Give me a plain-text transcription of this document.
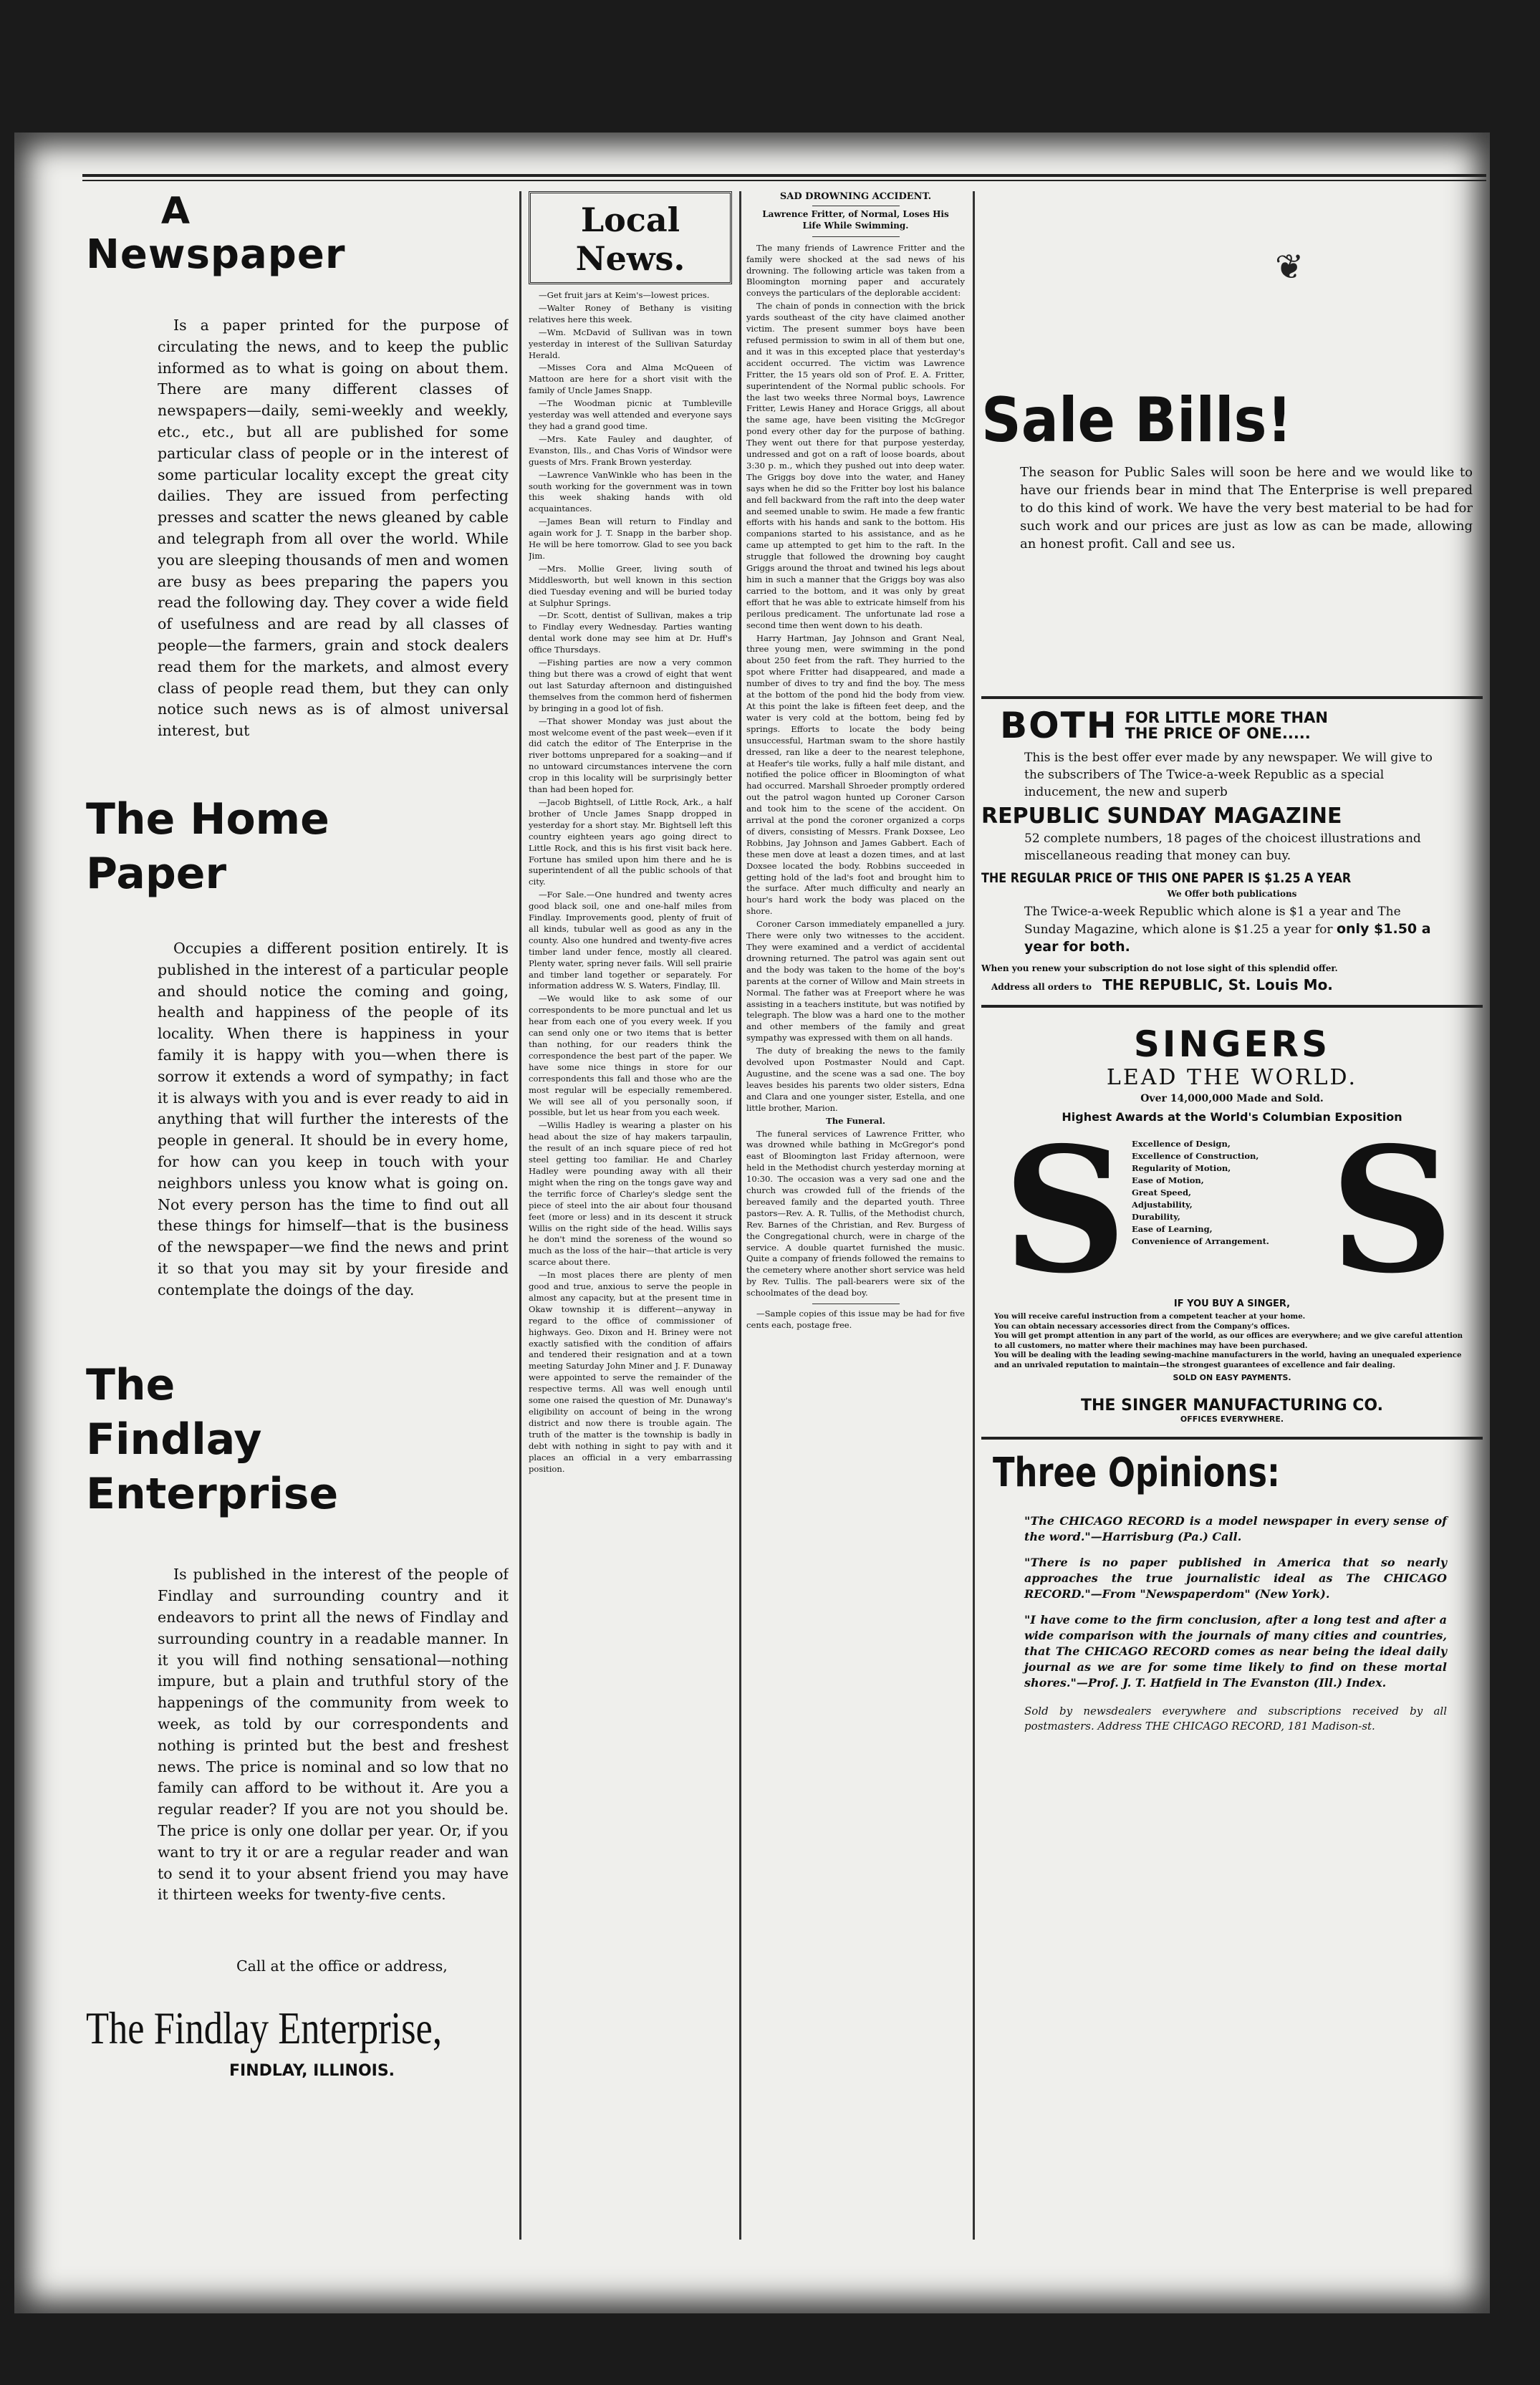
❦
A
Newspaper

Is a paper printed for the purpose of circulating the news, and to keep the public informed as to what is going on about them. There are many different classes of newspapers—daily, semi-weekly and weekly, etc., etc., but all are published for some particular class of people or in the interest of some particular locality except the great city dailies. They are issued from perfecting presses and scatter the news gleaned by cable and telegraph from all over the world. While you are sleeping thousands of men and women are busy as bees preparing the papers you read the following day. They cover a wide field of usefulness and are read by all classes of people—the farmers, grain and stock dealers read them for the markets, and almost every class of people read them, but they can only notice such news as is of almost universal interest, but

The Home
Paper

Occupies a different position entirely. It is published in the interest of a particular people and should notice the coming and going, health and happiness of the people of its locality. When there is happiness in your family it is happy with you—when there is sorrow it extends a word of sympathy; in fact it is always with you and is ever ready to aid in anything that will further the interests of the people in general. It should be in every home, for how can you keep in touch with your neighbors unless you know what is going on. Not every person has the time to find out all these things for himself—that is the business of the newspaper—we find the news and print it so that you may sit by your fireside and contemplate the doings of the day.

The
Findlay
Enterprise

Is published in the interest of the people of Findlay and surrounding country and it endeavors to print all the news of Findlay and surrounding country in a readable manner. In it you will find nothing sensational—nothing impure, but a plain and truthful story of the happenings of the community from week to week, as told by our correspondents and nothing is printed but the best and freshest news. The price is nominal and so low that no family can afford to be without it. Are you a regular reader? If you are not you should be. The price is only one dollar per year. Or, if you want to try it or are a regular reader and wan to send it to your absent friend you may have it thirteen weeks for twenty-five cents.

Call at the office or address,

The Findlay Enterprise,
FINDLAY, ILLINOIS.
Local News.

—Get fruit jars at Keim's—lowest prices.

—Walter Roney of Bethany is visiting relatives here this week.

—Wm. McDavid of Sullivan was in town yesterday in interest of the Sullivan Saturday Herald.

—Misses Cora and Alma McQueen of Mattoon are here for a short visit with the family of Uncle James Snapp.

—The Woodman picnic at Tumbleville yesterday was well attended and everyone says they had a grand good time.

—Mrs. Kate Fauley and daughter, of Evanston, Ills., and Chas Voris of Windsor were guests of Mrs. Frank Brown yesterday.

—Lawrence VanWinkle who has been in the south working for the government was in town this week shaking hands with old acquaintances.

—James Bean will return to Findlay and again work for J. T. Snapp in the barber shop. He will be here tomorrow. Glad to see you back Jim.

—Mrs. Mollie Greer, living south of Middlesworth, but well known in this section died Tuesday evening and will be buried today at Sulphur Springs.

—Dr. Scott, dentist of Sullivan, makes a trip to Findlay every Wednesday. Parties wanting dental work done may see him at Dr. Huff's office Thursdays.

—Fishing parties are now a very common thing but there was a crowd of eight that went out last Saturday afternoon and distinguished themselves from the common herd of fishermen by bringing in a good lot of fish.

—That shower Monday was just about the most welcome event of the past week—even if it did catch the editor of The Enterprise in the river bottoms unprepared for a soaking—and if no untoward circumstances intervene the corn crop in this locality will be surprisingly better than had been hoped for.

—Jacob Bightsell, of Little Rock, Ark., a half brother of Uncle James Snapp dropped in yesterday for a short stay. Mr. Bightsell left this country eighteen years ago going direct to Little Rock, and this is his first visit back here. Fortune has smiled upon him there and he is superintendent of all the public schools of that city.

—For Sale.—One hundred and twenty acres good black soil, one and one-half miles from Findlay. Improvements good, plenty of fruit of all kinds, tubular well as good as any in the county. Also one hundred and twenty-five acres timber land under fence, mostly all cleared. Plenty water, spring never fails. Will sell prairie and timber land together or separately. For information address W. S. Waters, Findlay, Ill.

—We would like to ask some of our correspondents to be more punctual and let us hear from each one of you every week. If you can send only one or two items that is better than nothing, for our readers think the correspondence the best part of the paper. We have some nice things in store for our correspondents this fall and those who are the most regular will be especially remembered. We will see all of you personally soon, if possible, but let us hear from you each week.

—Willis Hadley is wearing a plaster on his head about the size of hay makers tarpaulin, the result of an inch square piece of red hot steel getting too familiar. He and Charley Hadley were pounding away with all their might when the ring on the tongs gave way and the terrific force of Charley's sledge sent the piece of steel into the air about four thousand feet (more or less) and in its descent it struck Willis on the right side of the head. Willis says he don't mind the soreness of the wound so much as the loss of the hair—that article is very scarce about there.

—In most places there are plenty of men good and true, anxious to serve the people in almost any capacity, but at the present time in Okaw township it is different—anyway in regard to the office of commissioner of highways. Geo. Dixon and H. Briney were not exactly satisfied with the condition of affairs and tendered their resignation and at a town meeting Saturday John Miner and J. F. Dunaway were appointed to serve the remainder of the respective terms. All was well enough until some one raised the question of Mr. Dunaway's eligibility on account of being in the wrong district and now there is trouble again. The truth of the matter is the township is badly in debt with nothing in sight to pay with and it places an official in a very embarrassing position.

SAD DROWNING ACCIDENT.

Lawrence Fritter, of Normal, Loses His Life While Swimming.

The many friends of Lawrence Fritter and the family were shocked at the sad news of his drowning. The following article was taken from a Bloomington morning paper and accurately conveys the particulars of the deplorable accident:

The chain of ponds in connection with the brick yards southeast of the city have claimed another victim. The present summer boys have been refused permission to swim in all of them but one, and it was in this excepted place that yesterday's accident occurred. The victim was Lawrence Fritter, the 15 years old son of Prof. E. A. Fritter, superintendent of the Normal public schools. For the last two weeks three Normal boys, Lawrence Fritter, Lewis Haney and Horace Griggs, all about the same age, have been visiting the McGregor pond every other day for the purpose of bathing. They went out there for that purpose yesterday, undressed and got on a raft of loose boards, about 3:30 p. m., which they pushed out into deep water. The Griggs boy dove into the water, and Haney says when he did so the Fritter boy lost his balance and fell backward from the raft into the deep water and seemed unable to swim. He made a few frantic efforts with his hands and sank to the bottom. His companions started to his assistance, and as he came up attempted to get him to the raft. In the struggle that followed the drowning boy caught Griggs around the throat and twined his legs about him in such a manner that the Griggs boy was also carried to the bottom, and it was only by great effort that he was able to extricate himself from his perilous predicament. The unfortunate lad rose a second time then went down to his death.

Harry Hartman, Jay Johnson and Grant Neal, three young men, were swimming in the pond about 250 feet from the raft. They hurried to the spot where Fritter had disappeared, and made a number of dives to try and find the boy. The mess at the bottom of the pond hid the body from view. At this point the lake is fifteen feet deep, and the water is very cold at the bottom, being fed by springs. Efforts to locate the body being unsuccessful, Hartman swam to the shore hastily dressed, ran like a deer to the nearest telephone, at Heafer's tile works, fully a half mile distant, and notified the police officer in Bloomington of what had occurred. Marshall Shroeder promptly ordered out the patrol wagon hunted up Coroner Carson and took him to the scene of the accident. On arrival at the pond the coroner organized a corps of divers, consisting of Messrs. Frank Doxsee, Leo Robbins, Jay Johnson and James Gabbert. Each of these men dove at least a dozen times, and at last Doxsee located the body. Robbins succeeded in getting hold of the lad's foot and brought him to the surface. After much difficulty and nearly an hour's hard work the body was placed on the shore.

Coroner Carson immediately empanelled a jury. There were only two witnesses to the accident. They were examined and a verdict of accidental drowning returned. The patrol was again sent out and the body was taken to the home of the boy's parents at the corner of Willow and Main streets in Normal. The father was at Freeport where he was assisting in a teachers institute, but was notified by telegraph. The blow was a hard one to the mother and other members of the family and great sympathy was expressed with them on all hands.

The duty of breaking the news to the family devolved upon Postmaster Nould and Capt. Augustine, and the scene was a sad one. The boy leaves besides his parents two older sisters, Edna and Clara and one younger sister, Estella, and one little brother, Marion.

The Funeral.

The funeral services of Lawrence Fritter, who was drowned while bathing in McGregor's pond east of Bloomington last Friday afternoon, were held in the Methodist church yesterday morning at 10:30. The occasion was a very sad one and the church was crowded full of the friends of the bereaved family and the departed youth. Three pastors—Rev. A. R. Tullis, of the Methodist church, Rev. Barnes of the Christian, and Rev. Burgess of the Congregational church, were in charge of the service. A double quartet furnished the music. Quite a company of friends followed the remains to the cemetery where another short service was held by Rev. Tullis. The pall-bearers were six of the schoolmates of the dead boy.

—Sample copies of this issue may be had for five cents each, postage free.

Sale Bills!
The season for Public Sales will soon be here and we would like to have our friends bear in mind that The Enterprise is well prepared to do this kind of work. We have the very best material to be had for such work and our prices are just as low as can be made, allowing an honest profit. Call and see us.
BOTH FOR LITTLE MORE THAN
THE PRICE OF ONE.....
This is the best offer ever made by any newspaper. We will give to the subscribers of The Twice-a-week Republic as a special inducement, the new and superb
REPUBLIC SUNDAY MAGAZINE
52 complete numbers, 18 pages of the choicest illustrations and miscellaneous reading that money can buy.
THE REGULAR PRICE OF THIS ONE PAPER IS $1.25 A YEAR
We Offer both publications
The Twice-a-week Republic which alone is $1 a year and The Sunday Magazine, which alone is $1.25 a year for only $1.50 a year for both.
When you renew your subscription do not lose sight of this splendid offer.
Address all orders to THE REPUBLIC, St. Louis Mo.
SINGERS
LEAD THE WORLD.
Over 14,000,000 Made and Sold.
Highest Awards at the World's Columbian Exposition
S S
Excellence of Design,
Excellence of Construction,
Regularity of Motion,
Ease of Motion,
Great Speed,
Adjustability,
Durability,
Ease of Learning,
Convenience of Arrangement.
IF YOU BUY A SINGER,
You will receive careful instruction from a competent teacher at your home.
You can obtain necessary accessories direct from the Company's offices.
You will get prompt attention in any part of the world, as our offices are everywhere; and we give careful attention to all customers, no matter where their machines may have been purchased.
You will be dealing with the leading sewing-machine manufacturers in the world, having an unequaled experience and an unrivaled reputation to maintain—the strongest guarantees of excellence and fair dealing.
SOLD ON EASY PAYMENTS.
THE SINGER MANUFACTURING CO.
OFFICES EVERYWHERE.
Three Opinions:
"The CHICAGO RECORD is a model newspaper in every sense of the word."—Harrisburg (Pa.) Call.
"There is no paper published in America that so nearly approaches the true journalistic ideal as The CHICAGO RECORD."—From "Newspaperdom" (New York).
"I have come to the firm conclusion, after a long test and after a wide comparison with the journals of many cities and countries, that The CHICAGO RECORD comes as near being the ideal daily journal as we are for some time likely to find on these mortal shores."—Prof. J. T. Hatfield in The Evanston (Ill.) Index.
Sold by newsdealers everywhere and subscriptions received by all postmasters. Address THE CHICAGO RECORD, 181 Madison-st.
